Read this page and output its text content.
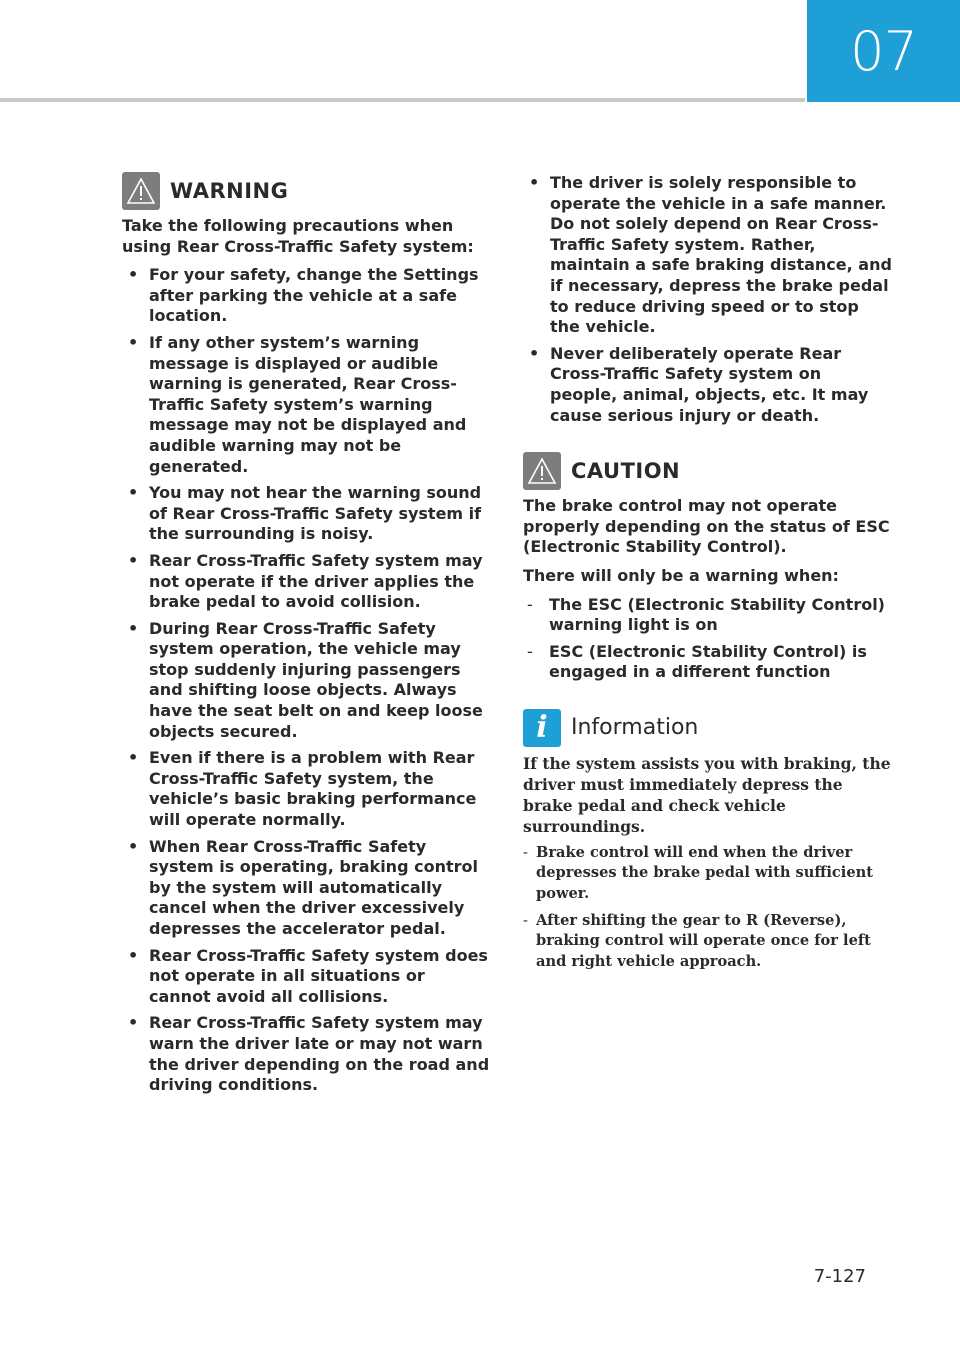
07
WARNING

Take the following precautions when using Rear Cross-Traffic Safety system:

• For your safety, change the Settings after parking the vehicle at a safe location.
• If any other system’s warning message is displayed or audible warning is generated, Rear Cross-Traffic Safety system’s warning message may not be displayed and audible warning may not be generated.
• You may not hear the warning sound of Rear Cross-Traffic Safety system if the surrounding is noisy.
• Rear Cross-Traffic Safety system may not operate if the driver applies the brake pedal to avoid collision.
• During Rear Cross-Traffic Safety system operation, the vehicle may stop suddenly injuring passengers and shifting loose objects. Always have the seat belt on and keep loose objects secured.
• Even if there is a problem with Rear Cross-Traffic Safety system, the vehicle’s basic braking performance will operate normally.
• When Rear Cross-Traffic Safety system is operating, braking control by the system will automatically cancel when the driver excessively depresses the accelerator pedal.
• Rear Cross-Traffic Safety system does not operate in all situations or cannot avoid all collisions.
• Rear Cross-Traffic Safety system may warn the driver late or may not warn the driver depending on the road and driving conditions.
• The driver is solely responsible to operate the vehicle in a safe manner. Do not solely depend on Rear Cross-Traffic Safety system. Rather, maintain a safe braking distance, and if necessary, depress the brake pedal to reduce driving speed or to stop the vehicle.
• Never deliberately operate Rear Cross-Traffic Safety system on people, animal, objects, etc. It may cause serious injury or death.
CAUTION

The brake control may not operate properly depending on the status of ESC (Electronic Stability Control).

There will only be a warning when:

- The ESC (Electronic Stability Control) warning light is on
- ESC (Electronic Stability Control) is engaged in a different function
i Information

If the system assists you with braking, the driver must immediately depress the brake pedal and check vehicle surroundings.

- Brake control will end when the driver depresses the brake pedal with sufficient power.
- After shifting the gear to R (Reverse), braking control will operate once for left and right vehicle approach.
7-127
